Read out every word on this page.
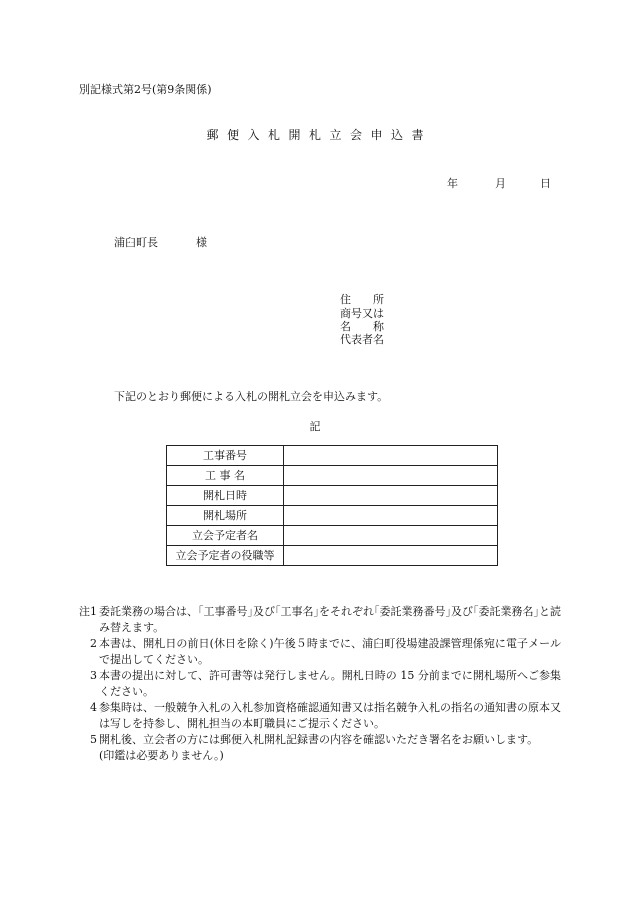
別記様式第2号(第9条関係)
郵便入札開札立会申込書
年	月	日
浦臼町長	様
住　　所
商号又は
名　　称
代表者名
下記のとおり郵便による入札の開札立会を申込みます。
記
工事番号	
工 事 名	
開札日時	
開札場所	
立会予定者名	
立会予定者の役職等	
注1 委託業務の場合は、｢工事番号｣及び｢工事名｣をそれぞれ｢委託業務番号｣及び｢委託業務名｣と読み替えます。
2 本書は、開札日の前日(休日を除く)午後５時までに、浦臼町役場建設課管理係宛に電子メールで提出してください。
3 本書の提出に対して、許可書等は発行しません。開札日時の 15 分前までに開札場所へご参集ください。
4 参集時は、一般競争入札の入札参加資格確認通知書又は指名競争入札の指名の通知書の原本又は写しを持参し、開札担当の本町職員にご提示ください。
5 開札後、立会者の方には郵便入札開札記録書の内容を確認いただき署名をお願いします。
(印鑑は必要ありません。)
